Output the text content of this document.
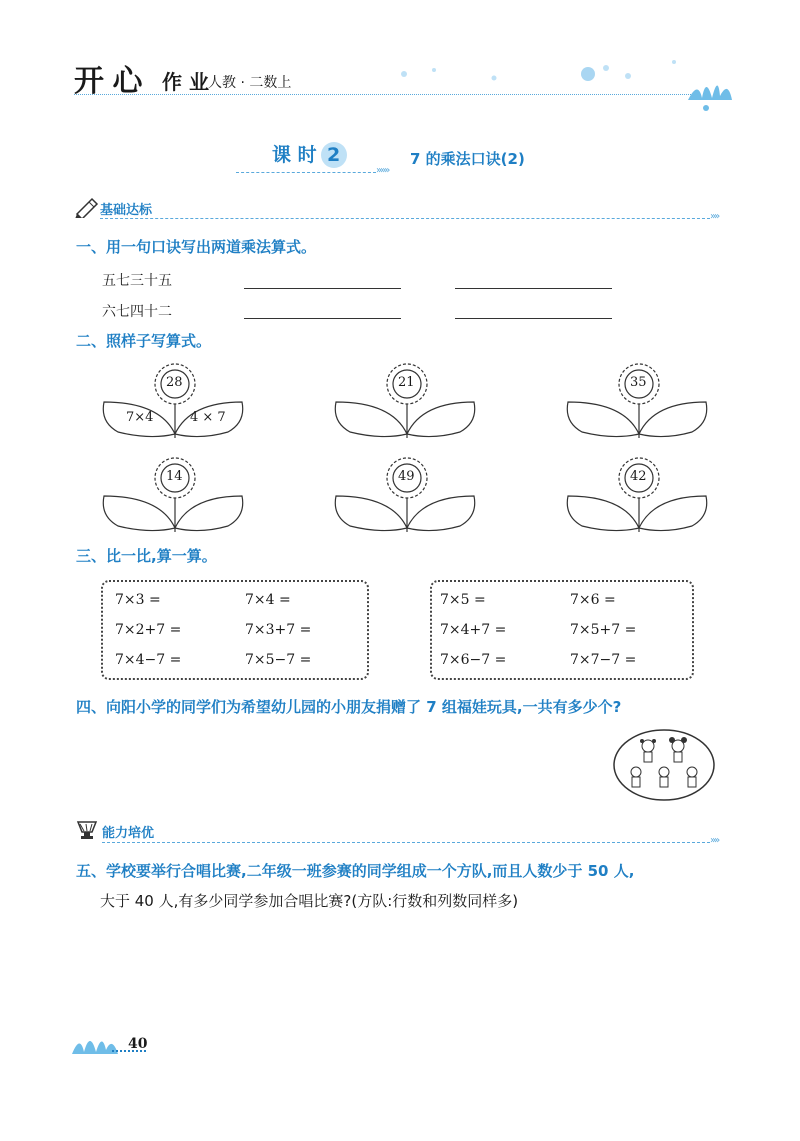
开 心 作 业 人教 · 二数上
课 时 2
»»»
7 的乘法口诀(2)
基础达标	»»
一、用一句口诀写出两道乘法算式。
五七三十五
六七四十二
二、照样子写算式。
28
7×4	4 × 7
21	35
14	49	42
三、比一比,算一算。
7×3 =	7×4 =
7×2+7 =	7×3+7 =
7×4−7 =	7×5−7 =
7×5 =	7×6 =
7×4+7 =	7×5+7 =
7×6−7 =	7×7−7 =
四、向阳小学的同学们为希望幼儿园的小朋友捐赠了 7 组福娃玩具,一共有多少个?
能力培优	»»
五、学校要举行合唱比赛,二年级一班参赛的同学组成一个方队,而且人数少于 50 人,
大于 40 人,有多少同学参加合唱比赛?(方队:行数和列数同样多)
40
